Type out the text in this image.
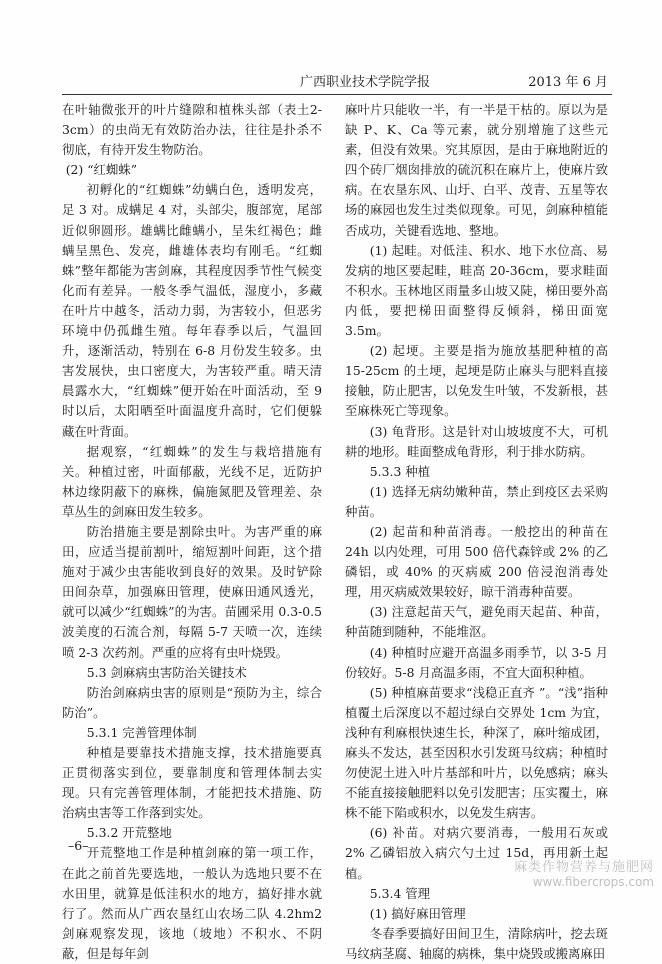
广西职业技术学院学报	2013 年 6 月

在叶轴微张开的叶片缝隙和植株头部（表土2-3cm）的虫尚无有效防治办法，往往是扑杀不彻底，有待开发生物防治。

(2) “红蜘蛛”

初孵化的“红蜘蛛”幼螨白色，透明发亮，足 3 对。成螨足 4 对，头部尖，腹部宽，尾部近似卵圆形。雄螨比雌螨小，呈朱红褐色；雌螨呈黑色、发亮，雌雄体表均有刚毛。“红蜘蛛”整年都能为害剑麻，其程度因季节性气候变化而有差异。一般冬季气温低，湿度小，多藏在叶片中越冬，活动力弱，为害较小，但恶劣环境中仍孤雌生殖。每年春季以后，气温回升，逐渐活动，特别在 6-8 月份发生较多。虫害发展快，虫口密度大，为害较严重。晴天清晨露水大，“红蜘蛛”便开始在叶面活动，至 9 时以后，太阳晒至叶面温度升高时，它们便躲藏在叶背面。

据观察，“红蜘蛛”的发生与栽培措施有关。种植过密，叶面郁蔽，光线不足，近防护林边缘阴蔽下的麻株，偏施氮肥及管理差、杂草丛生的剑麻田发生较多。

防治措施主要是割除虫叶。为害严重的麻田，应适当提前割叶，缩短割叶间距，这个措施对于减少虫害能收到良好的效果。及时铲除田间杂草，加强麻田管理，使麻田通风透光，就可以减少“红蜘蛛”的为害。苗圃采用 0.3-0.5 波美度的石流合剂，每隔 5-7 天喷一次，连续喷 2-3 次药剂。严重的应将有虫叶烧毁。

5.3 剑麻病虫害防治关键技术

防治剑麻病虫害的原则是“预防为主，综合防治”。

5.3.1 完善管理体制

种植是要靠技术措施支撑，技术措施要真正贯彻落实到位，要靠制度和管理体制去实现。只有完善管理体制，才能把技术措施、防治病虫害等工作落到实处。

5.3.2 开荒整地

开荒整地工作是种植剑麻的第一项工作，在此之前首先要选地，一般认为选地只要不在水田里，就算是低洼积水的地方，搞好排水就行了。然而从广西农垦红山农场二队 4.2hm2 剑麻观察发现，该地（坡地）不积水、不阴蔽，但是每年剑

麻叶片只能收一半，有一半是干枯的。原以为是缺 P、K、Ca 等元素，就分别增施了这些元素，但没有效果。究其原因，是由于麻地附近的四个砖厂烟囱排放的硫沉积在麻片上，使麻片致病。在农垦东风、山圩、白平、茂青、五星等农场的麻园也发生过类似现象。可见，剑麻种植能否成功，关键看选地、整地。

(1) 起畦。对低洼、积水、地下水位高、易发病的地区要起畦，畦高 20-36cm，要求畦面不积水。玉林地区雨量多山坡又陡，梯田要外高内低，要把梯田面整得反倾斜，梯田面宽 3.5m。

(2) 起埂。主要是指为施放基肥种植的高 15-25cm 的土埂，起埂是防止麻头与肥料直接接触，防止肥害，以免发生叶皱，不发新根，甚至麻株死亡等现象。

(3) 龟背形。这是针对山坡坡度不大，可机耕的地形。畦面整成龟背形，利于排水防病。

5.3.3 种植

(1) 选择无病幼嫩种苗，禁止到疫区去采购种苗。

(2) 起苗和种苗消毒。一般挖出的种苗在 24h 以内处理，可用 500 倍代森锌或 2% 的乙磷铝，或 40% 的灭病威 200 倍浸泡消毒处理，用灭病威效果较好，晾干消毒种苗要。

(3) 注意起苗天气，避免雨天起苗、种苗，种苗随到随种，不能堆沤。

(4) 种植时应避开高温多雨季节，以 3-5 月份较好。5-8 月高温多雨，不宜大面积种植。

(5) 种植麻苗要求“浅稳正直齐 ”。“浅”指种植覆土后深度以不超过绿白交界处 1cm 为宜，浅种有利麻根快速生长，种深了，麻叶缩成团，麻头不发达，甚至因积水引发斑马纹病；种植时勿使泥土进入叶片基部和叶片，以免感病；麻头不能直接接触肥料以免引发肥害；压实覆土，麻株不能下陷或积水，以免发生病害。

(6) 补苗。对病穴要消毒，一般用石灰或 2% 乙磷铝放入病穴勺土过 15d，再用新土起植。

5.3.4 管理

(1) 搞好麻田管理

冬春季要搞好田间卫生，清除病叶，挖去斑马纹病茎腐、轴腐的病株，集中烧毁或搬离麻田

–6–
麻类作物营养与施肥网
www.fibercrops.com
